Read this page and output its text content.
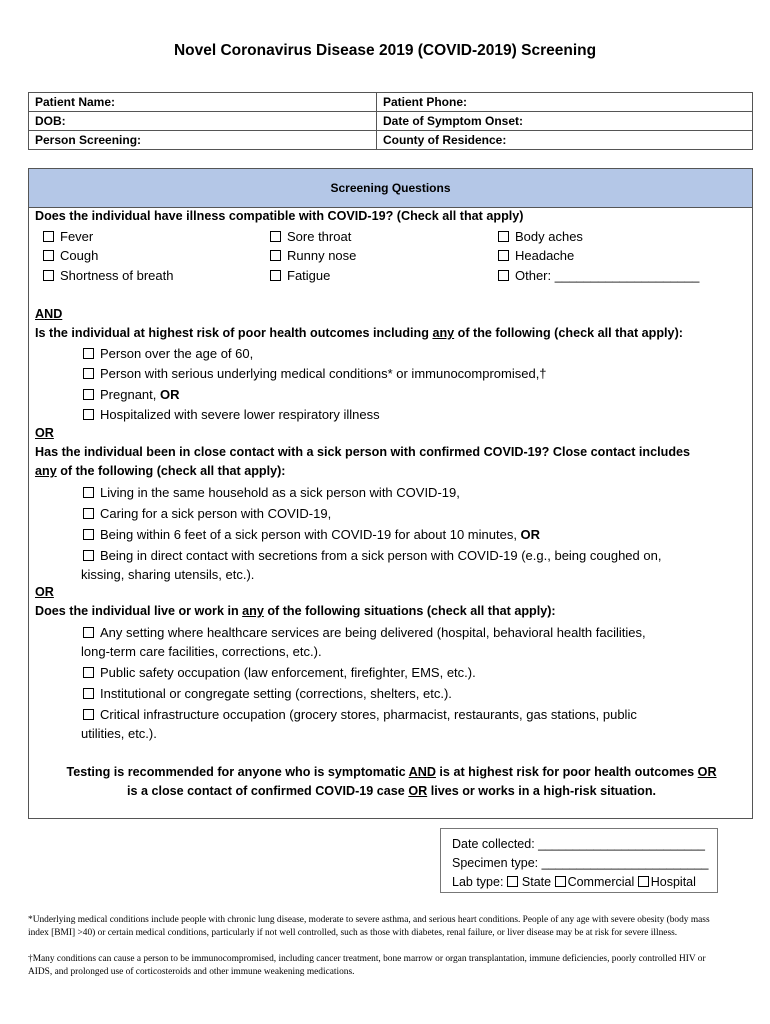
Novel Coronavirus Disease 2019 (COVID-2019) Screening
Patient Name:	Patient Phone:
DOB:	Date of Symptom Onset:
Person Screening:	County of Residence:
Screening Questions
Does the individual have illness compatible with COVID-19? (Check all that apply)
Fever	Sore throat	Body aches
Cough	Runny nose	Headache
Shortness of breath	Fatigue	Other: ____________________
AND
Is the individual at highest risk of poor health outcomes including any of the following (check all that apply):
Person over the age of 60,
Person with serious underlying medical conditions* or immunocompromised,†
Pregnant, OR
Hospitalized with severe lower respiratory illness
OR
Has the individual been in close contact with a sick person with confirmed COVID-19? Close contact includes
any of the following (check all that apply):
Living in the same household as a sick person with COVID-19,
Caring for a sick person with COVID-19,
Being within 6 feet of a sick person with COVID-19 for about 10 minutes, OR
Being in direct contact with secretions from a sick person with COVID-19 (e.g., being coughed on,
kissing, sharing utensils, etc.).
OR
Does the individual live or work in any of the following situations (check all that apply):
Any setting where healthcare services are being delivered (hospital, behavioral health facilities,
long-term care facilities, corrections, etc.).
Public safety occupation (law enforcement, firefighter, EMS, etc.).
Institutional or congregate setting (corrections, shelters, etc.).
Critical infrastructure occupation (grocery stores, pharmacist, restaurants, gas stations, public
utilities, etc.).
Testing is recommended for anyone who is symptomatic AND is at highest risk for poor health outcomes OR
is a close contact of confirmed COVID-19 case OR lives or works in a high-risk situation.
Date collected: ________________________
Specimen type: ________________________
Lab type: State Commercial Hospital
*Underlying medical conditions include people with chronic lung disease, moderate to severe asthma, and serious heart conditions. People of any age with severe obesity (body mass index [BMI] >40) or certain medical conditions, particularly if not well controlled, such as those with diabetes, renal failure, or liver disease may be at risk for severe illness.
†Many conditions can cause a person to be immunocompromised, including cancer treatment, bone marrow or organ transplantation, immune deficiencies, poorly controlled HIV or AIDS, and prolonged use of corticosteroids and other immune weakening medications.
